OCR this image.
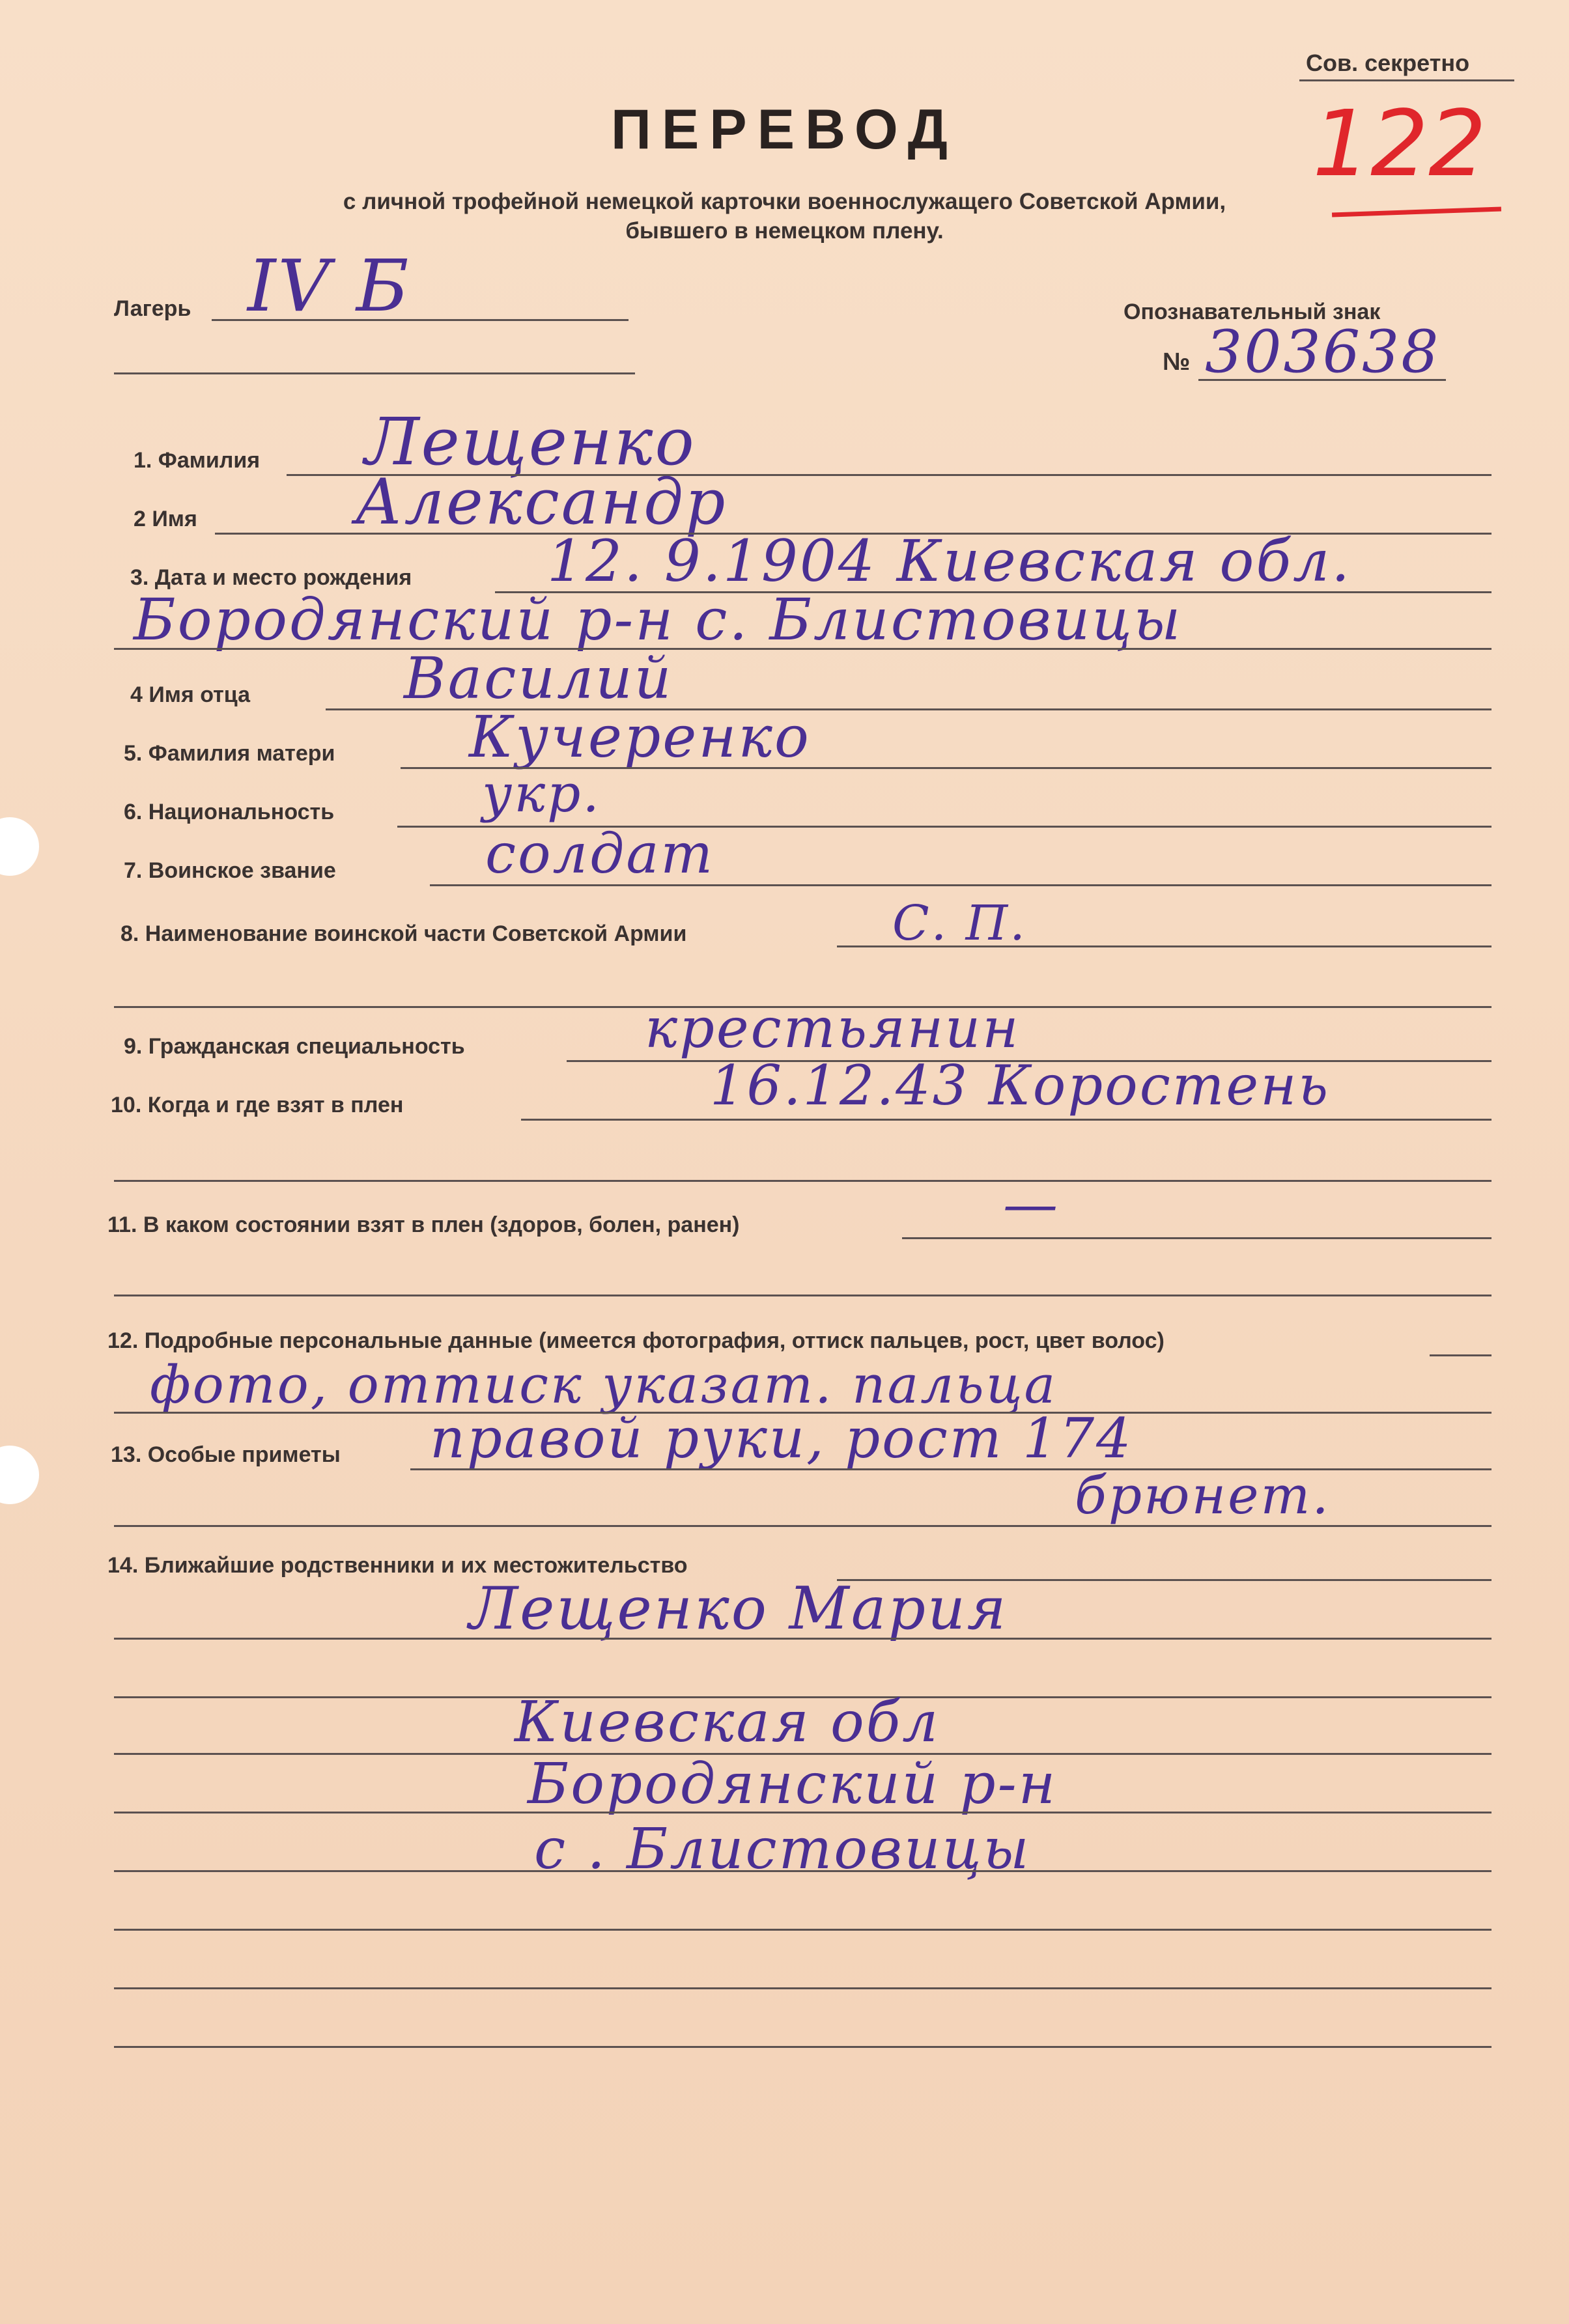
Сов. секретно
122
ПЕРЕВОД
с личной трофейной немецкой карточки военнослужащего Советской Армии,
бывшего в немецком плену.
Лагерь IV Б	Опознавательный знак
№ 303638
1. Фамилия Лещенко
2 Имя	Александр
3. Дата и место рождения 12. 9.1904 Киевская обл.
Бородянский р-н с. Блистовицы
4 Имя отца	Василий
5. Фамилия матери Кучеренко
6. Национальность	укр.
7. Воинское звание	солдат
8. Наименование воинской части Советской Армии	С. П.
9. Гражданская специальность	крестьянин
10. Когда и где взят в плен	16.12.43 Коростень
11. В каком состоянии взят в плен (здоров, болен, ранен)	—
12. Подробные персональные данные (имеется фотография, оттиск пальцев, рост, цвет волос)
фото, оттиск указат. пальца
13. Особые приметы правой руки, рост 174
брюнет.
14. Ближайшие родственники и их местожительство
Лещенко Мария
Киевская обл
Бородянский р-н
с . Блистовицы
